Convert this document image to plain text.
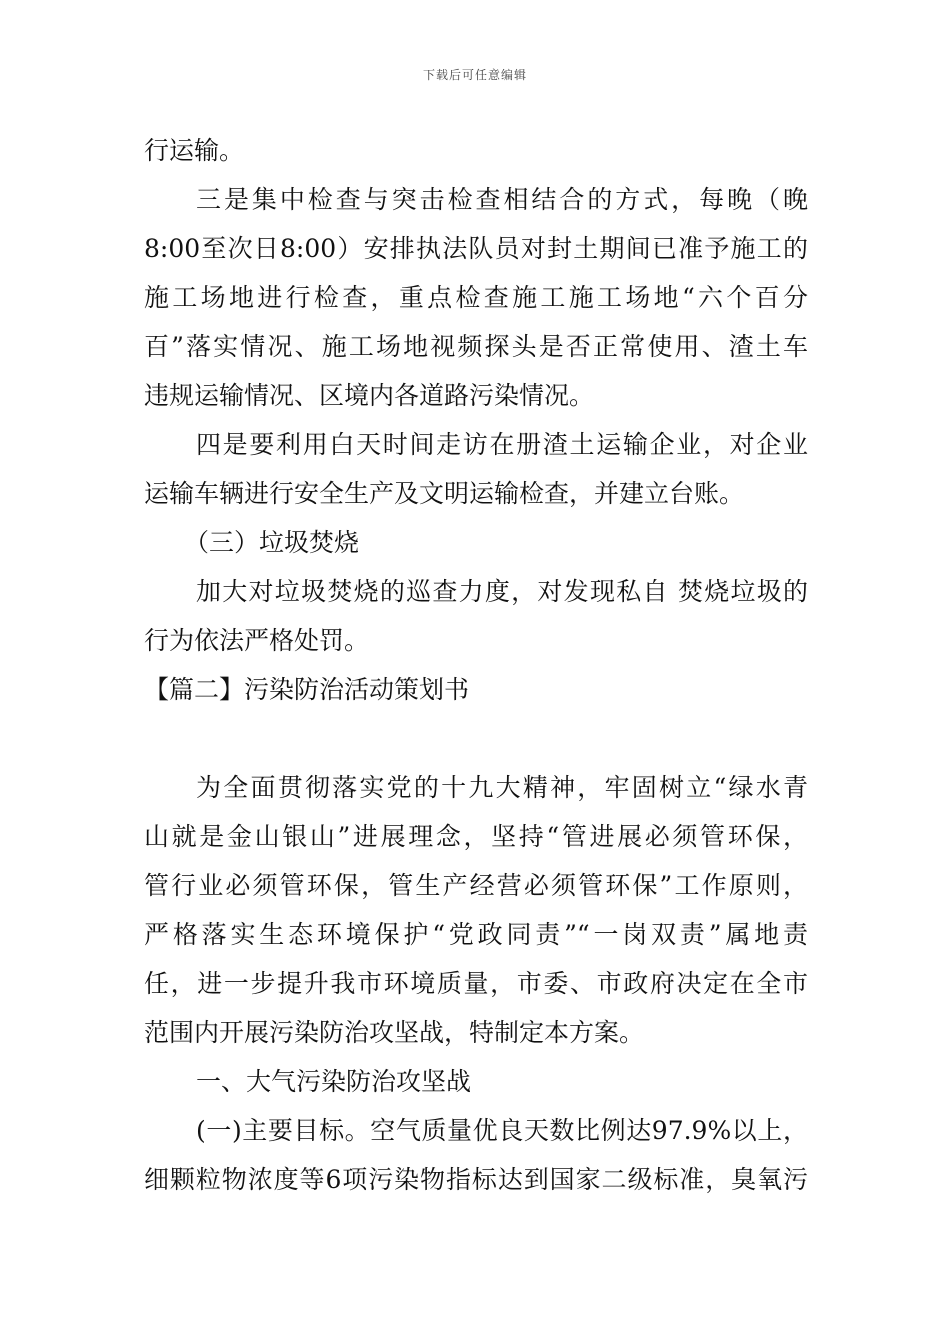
下载后可任意编辑
行运输。
三是集中检查与突击检查相结合的方式，每晚（晚
8:00至次日8:00）安排执法队员对封土期间已准予施工的
施工场地进行检查，重点检查施工施工场地“六个百分
百”落实情况、施工场地视频探头是否正常使用、渣土车
违规运输情况、区境内各道路污染情况。
四是要利用白天时间走访在册渣土运输企业，对企业
运输车辆进行安全生产及文明运输检查，并建立台账。
（三）垃圾焚烧
加大对垃圾焚烧的巡查力度，对发现私自 焚烧垃圾的
行为依法严格处罚。
【篇二】污染防治活动策划书
为全面贯彻落实党的十九大精神，牢固树立“绿水青
山就是金山银山”进展理念，坚持“管进展必须管环保，
管行业必须管环保，管生产经营必须管环保”工作原则，
严格落实生态环境保护“党政同责”“一岗双责”属地责
任，进一步提升我市环境质量，市委、市政府决定在全市
范围内开展污染防治攻坚战，特制定本方案。
一、大气污染防治攻坚战
(一)主要目标。空气质量优良天数比例达97.9%以上，
细颗粒物浓度等6项污染物指标达到国家二级标准，臭氧污
